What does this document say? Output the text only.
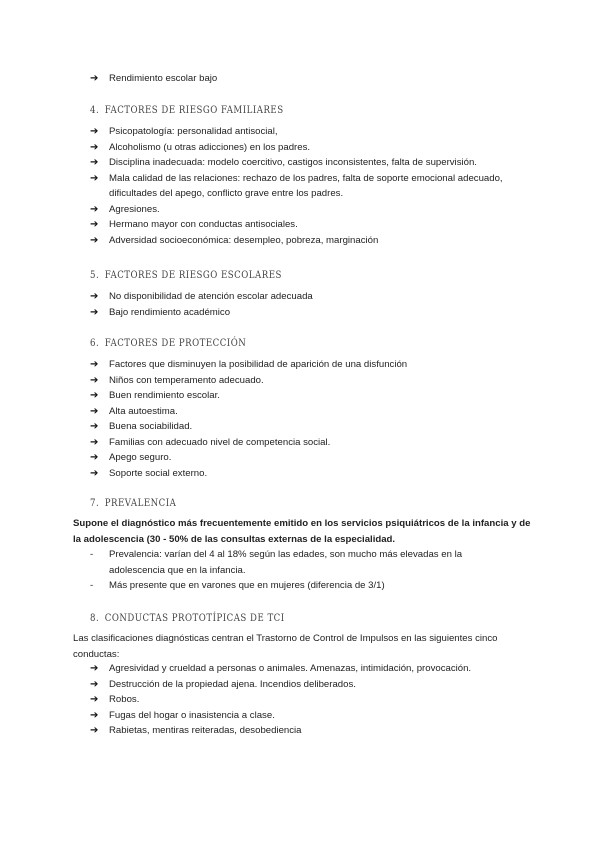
➔ Rendimiento escolar bajo
4. FACTORES DE RIESGO FAMILIARES
➔ Psicopatología: personalidad antisocial,
➔ Alcoholismo (u otras adicciones) en los padres.
➔ Disciplina inadecuada: modelo coercitivo, castigos inconsistentes, falta de supervisión.
➔ Mala calidad de las relaciones: rechazo de los padres, falta de soporte emocional adecuado, dificultades del apego, conflicto grave entre los padres.
➔ Agresiones.
➔ Hermano mayor con conductas antisociales.
➔ Adversidad socioeconómica: desempleo, pobreza, marginación
5. FACTORES DE RIESGO ESCOLARES
➔ No disponibilidad de atención escolar adecuada
➔ Bajo rendimiento académico
6. FACTORES DE PROTECCIÓN
➔ Factores que disminuyen la posibilidad de aparición de una disfunción
➔ Niños con temperamento adecuado.
➔ Buen rendimiento escolar.
➔ Alta autoestima.
➔ Buena sociabilidad.
➔ Familias con adecuado nivel de competencia social.
➔ Apego seguro.
➔ Soporte social externo.
7. PREVALENCIA

Supone el diagnóstico más frecuentemente emitido en los servicios psiquiátricos de la infancia y de la adolescencia (30 - 50% de las consultas externas de la especialidad.

- Prevalencia: varían del 4 al 18% según las edades, son mucho más elevadas en la adolescencia que en la infancia.
- Más presente que en varones que en mujeres (diferencia de 3/1)
8. CONDUCTAS PROTOTÍPICAS DE TCI

Las clasificaciones diagnósticas centran el Trastorno de Control de Impulsos en las siguientes cinco conductas:

➔ Agresividad y crueldad a personas o animales. Amenazas, intimidación, provocación.
➔ Destrucción de la propiedad ajena. Incendios deliberados.
➔ Robos.
➔ Fugas del hogar o inasistencia a clase.
➔ Rabietas, mentiras reiteradas, desobediencia
